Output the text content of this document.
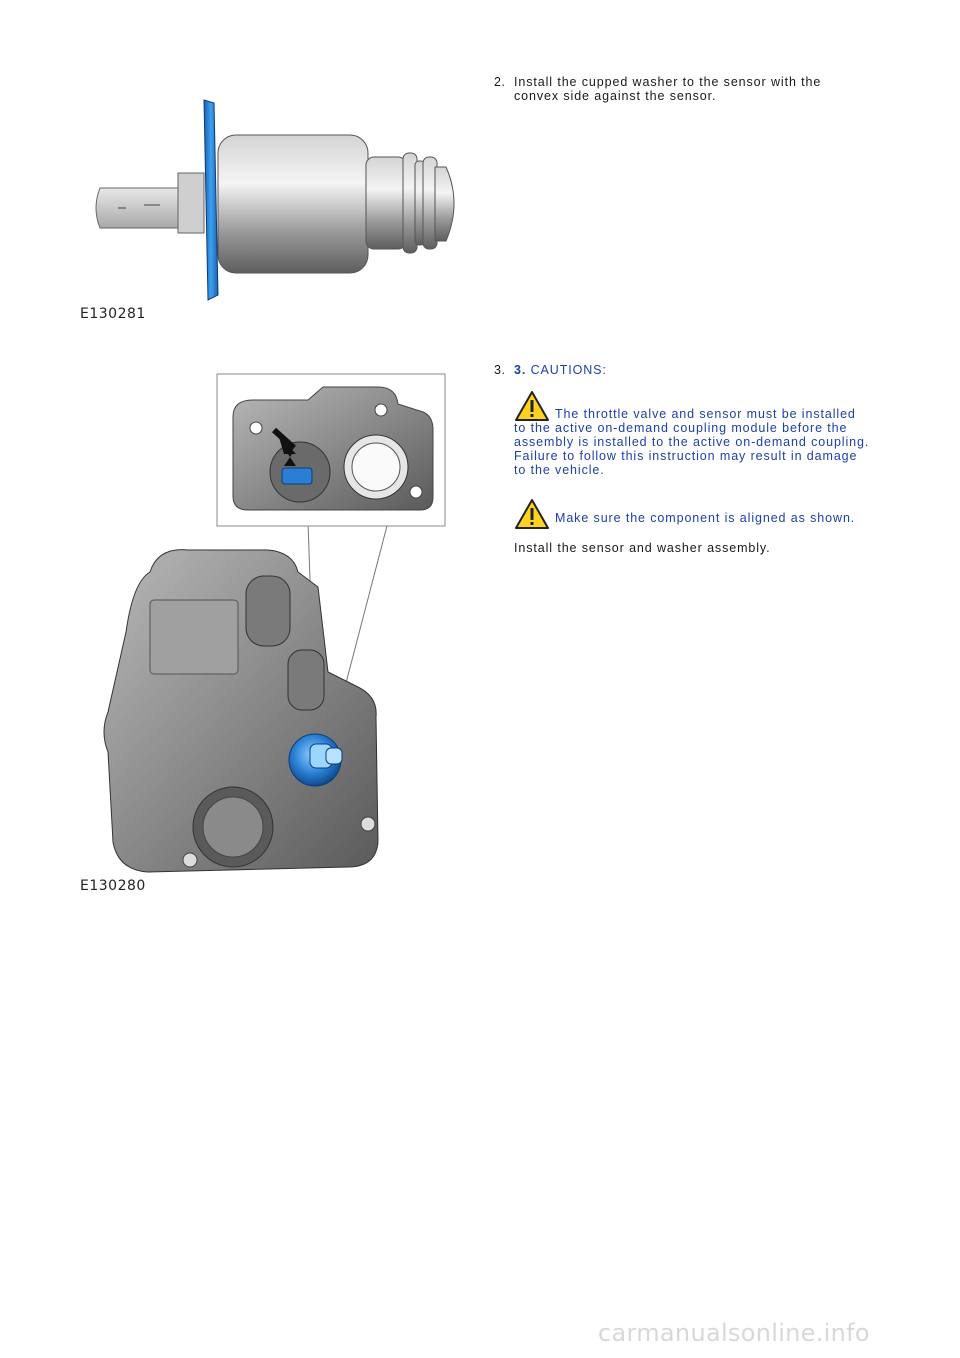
E130281
2. Install the cupped washer to the sensor with the
convex side against the sensor.
E130280
3. 3. CAUTIONS:
The throttle valve and sensor must be installed
to the active on-demand coupling module before the
assembly is installed to the active on-demand coupling.
Failure to follow this instruction may result in damage
to the vehicle.
Make sure the component is aligned as shown.
Install the sensor and washer assembly.
carmanualsonline.info
